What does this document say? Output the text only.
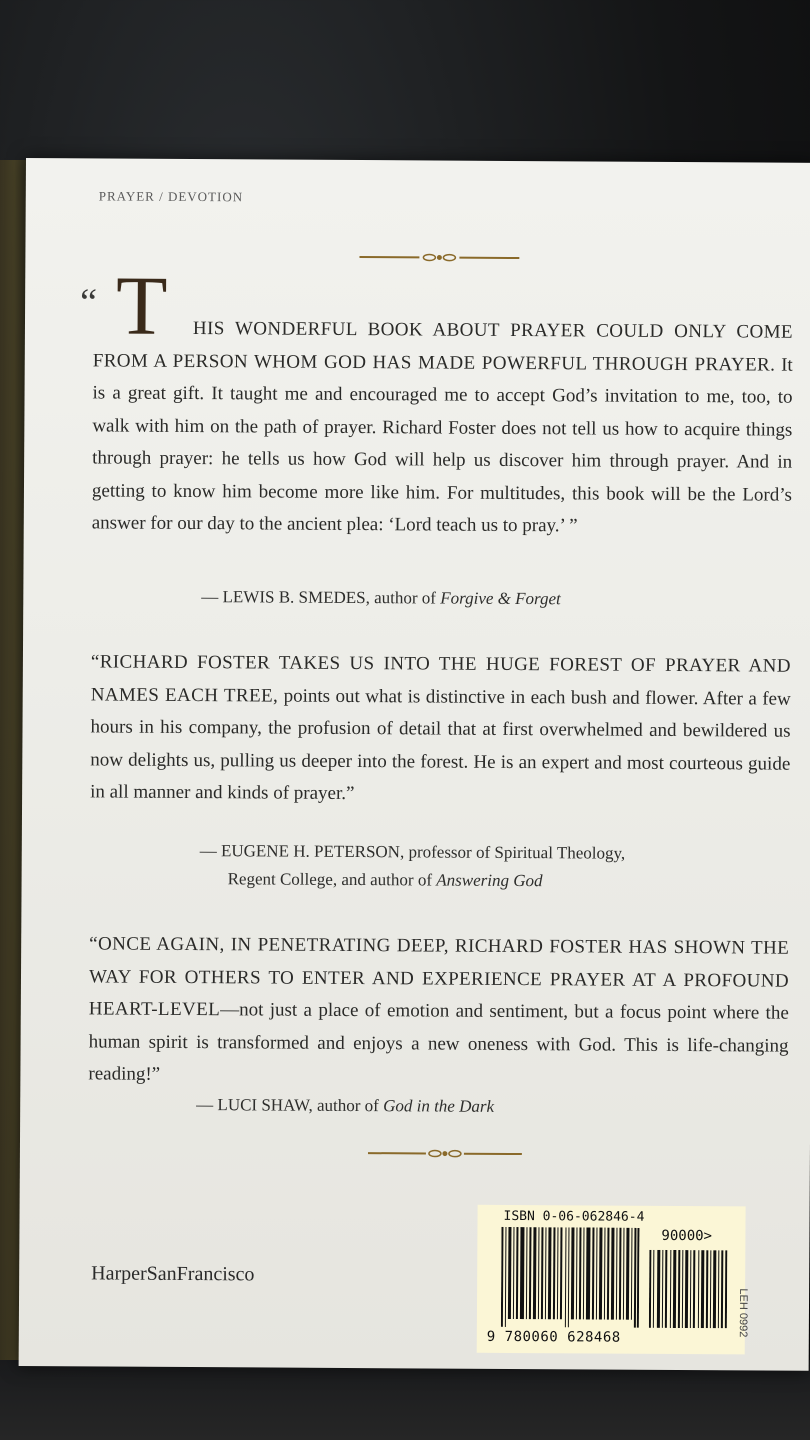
PRAYER / DEVOTION
“ T	HIS WONDERFUL BOOK ABOUT PRAYER COULD ONLY COME FROM A PERSON WHOM GOD HAS MADE POWERFUL THROUGH PRAYER. It is a great gift. It taught me and encouraged me to accept God’s invitation to me, too, to walk with him on the path of prayer. Richard Foster does not tell us how to acquire things through prayer: he tells us how God will help us discover him through prayer. And in getting to know him become more like him. For multitudes, this book will be the Lord’s answer for our day to the ancient plea: ‘Lord teach us to pray.’ ”

— LEWIS B. SMEDES, author of Forgive & Forget

“RICHARD FOSTER TAKES US INTO THE HUGE FOREST OF PRAYER AND NAMES EACH TREE, points out what is distinctive in each bush and flower. After a few hours in his company, the profusion of detail that at first overwhelmed and bewildered us now delights us, pulling us deeper into the forest. He is an expert and most courteous guide in all manner and kinds of prayer.”

— EUGENE H. PETERSON, professor of Spiritual Theology,
Regent College, and author of Answering God

“ONCE AGAIN, IN PENETRATING DEEP, RICHARD FOSTER HAS SHOWN THE WAY FOR OTHERS TO ENTER AND EXPERIENCE PRAYER AT A PROFOUND HEART-LEVEL—not just a place of emotion and sentiment, but a focus point where the human spirit is transformed and enjoys a new oneness with God. This is life-changing reading!”

— LUCI SHAW, author of God in the Dark
HarperSanFrancisco
ISBN 0-06-062846-4
90000>
9 780060 628468	LEH 0992
